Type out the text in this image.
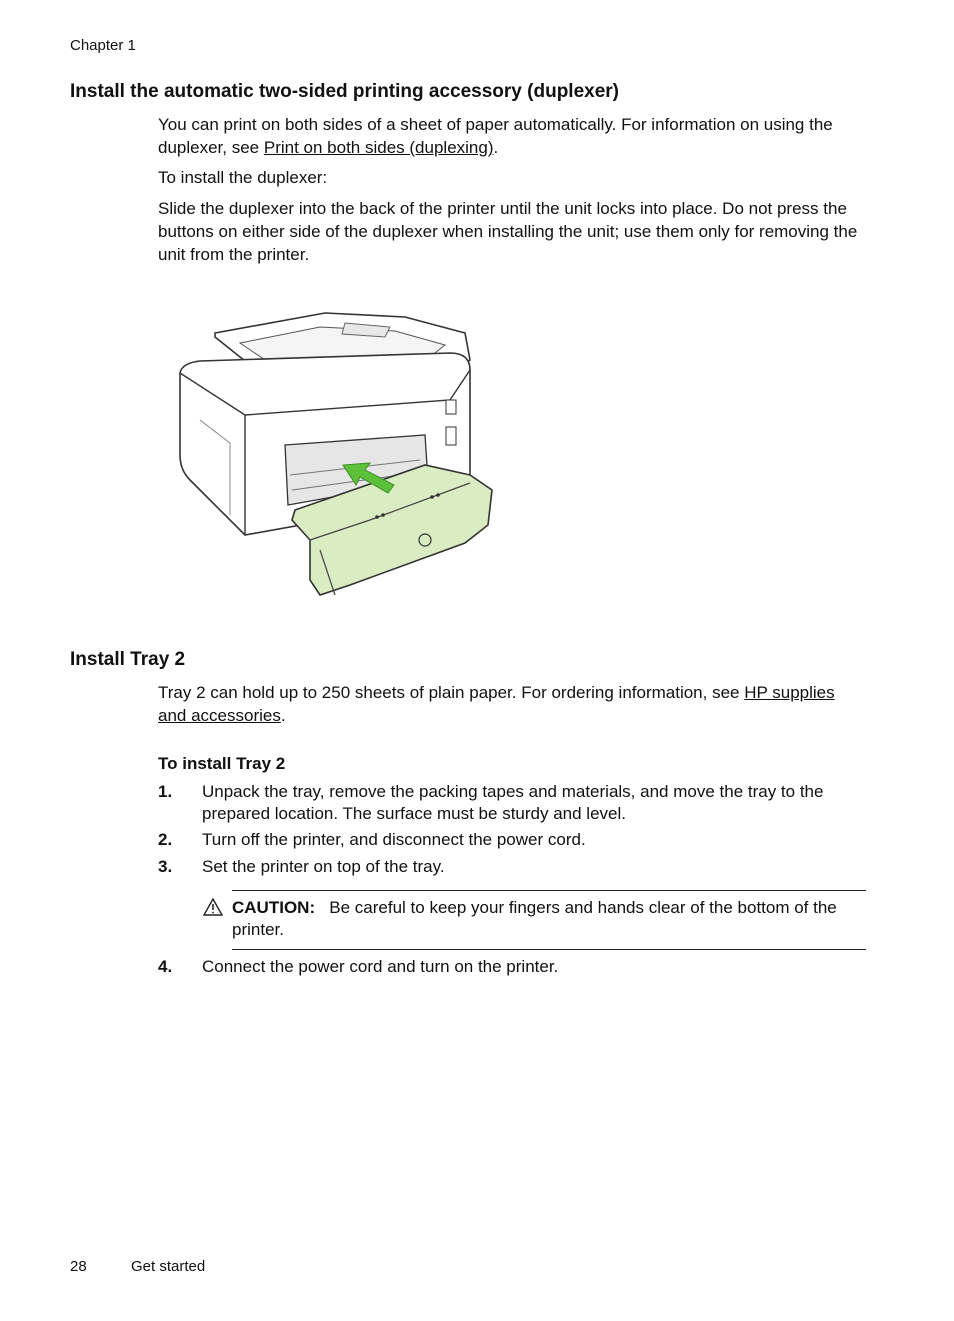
Chapter 1
Install the automatic two-sided printing accessory (duplexer)
You can print on both sides of a sheet of paper automatically. For information on using the duplexer, see Print on both sides (duplexing).
To install the duplexer:
Slide the duplexer into the back of the printer until the unit locks into place. Do not press the buttons on either side of the duplexer when installing the unit; use them only for removing the unit from the printer.
Install Tray 2
Tray 2 can hold up to 250 sheets of plain paper. For ordering information, see HP supplies and accessories.
To install Tray 2
1. Unpack the tray, remove the packing tapes and materials, and move the tray to the prepared location. The surface must be sturdy and level.
2. Turn off the printer, and disconnect the power cord.
3. Set the printer on top of the tray.
4. Connect the power cord and turn on the printer.
CAUTION: Be careful to keep your fingers and hands clear of the bottom of the printer.
28	Get started
